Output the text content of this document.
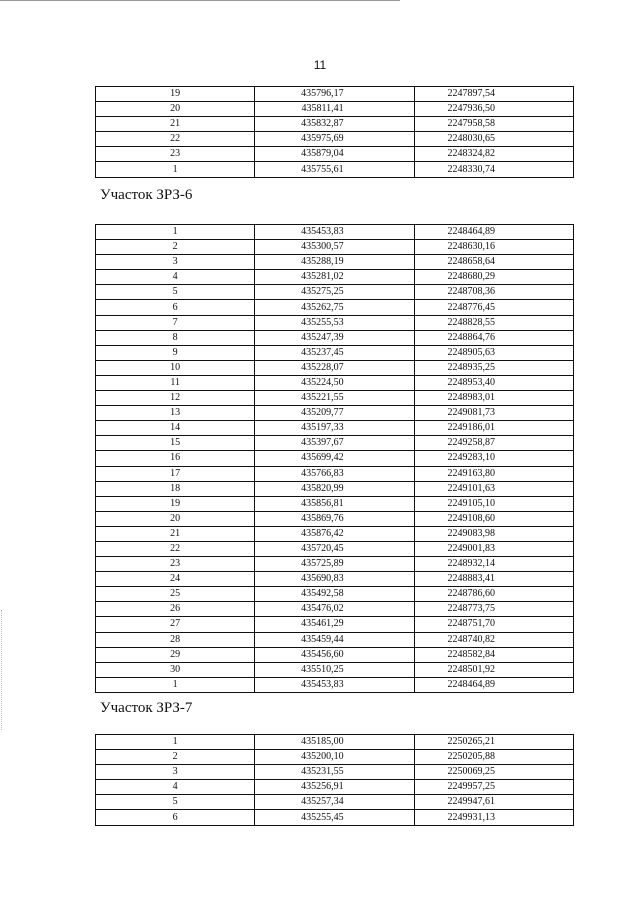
11
19	435796,17	2247897,54
20	435811,41	2247936,50
21	435832,87	2247958,58
22	435975,69	2248030,65
23	435879,04	2248324,82
1	435755,61	2248330,74
Участок ЗРЗ-6
1	435453,83	2248464,89
2	435300,57	2248630,16
3	435288,19	2248658,64
4	435281,02	2248680,29
5	435275,25	2248708,36
6	435262,75	2248776,45
7	435255,53	2248828,55
8	435247,39	2248864,76
9	435237,45	2248905,63
10	435228,07	2248935,25
11	435224,50	2248953,40
12	435221,55	2248983,01
13	435209,77	2249081,73
14	435197,33	2249186,01
15	435397,67	2249258,87
16	435699,42	2249283,10
17	435766,83	2249163,80
18	435820,99	2249101,63
19	435856,81	2249105,10
20	435869,76	2249108,60
21	435876,42	2249083,98
22	435720,45	2249001,83
23	435725,89	2248932,14
24	435690,83	2248883,41
25	435492,58	2248786,60
26	435476,02	2248773,75
27	435461,29	2248751,70
28	435459,44	2248740,82
29	435456,60	2248582,84
30	435510,25	2248501,92
1	435453,83	2248464,89
Участок ЗРЗ-7
1	435185,00	2250265,21
2	435200,10	2250205,88
3	435231,55	2250069,25
4	435256,91	2249957,25
5	435257,34	2249947,61
6	435255,45	2249931,13
